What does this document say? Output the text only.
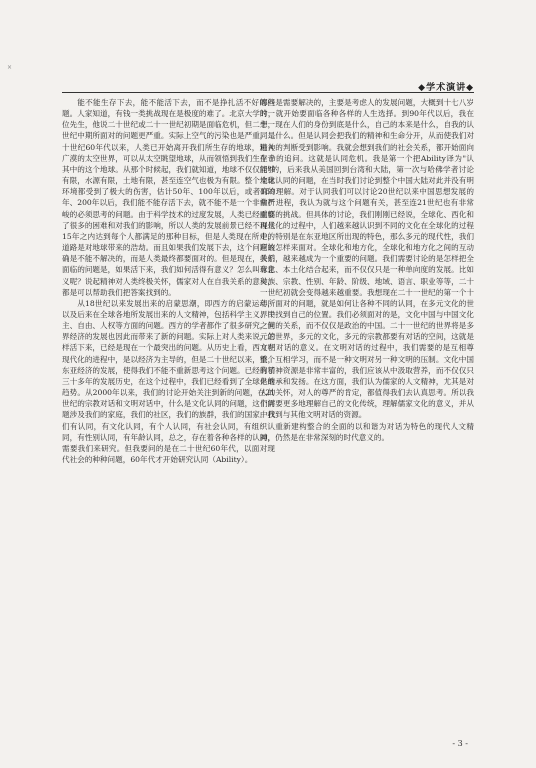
×
◆学术演讲◆

能不能生存下去，能不能活下去，而不是挣扎活不好的问题。人家知道，有钱一类挑战现在是极度的难了。北京大学的一位先生，他说二十世纪或二十一世纪初期是面临危机，但二十一世纪中期所面对的问题更严重。实际上空气的污染也是严重，二十世纪60年代以来，人类已开始离开我们所生存的地球，进入广漠的太空世界，可以从太空眺望地球，从而领悟到我们生存于其中的这个地球。从那个时候起，我们就知道，地球不仅仅能够有限，水源有限，土地有限，甚至连空气也极为有限。整个地球环境都受到了极大的伤害，估计50年、100年以后，或者150年、200年以后，我们能不能存活下去，就不能不是一个非常严峻的必须思考的问题。由于科学技术的过度发展，人类已经面临了很多的困难和对我们的影响，所以人类的发展前景已经不再是15年之内达到每个人都满足的那种目标，但是人类现在所走的道路是对地球带来的浩劫。而且如果我们发展下去，这个问题的确是不能不解决的，而是人类最终都要面对的。但是现在，我们面临的问题是，如果活下来，我们如何活得有意义？怎么叫有意义呢？说起精神对人类终极关怀，儒家对人在自我关系的意义，都是可以帮助我们把答案找到的。

从18世纪以来发展出来的启蒙思潮，即西方的启蒙运动，以及后来在全球各地所发展出来的人文精神，包括科学主义、民主、自由、人权等方面的问题。西方的学者都作了很多研究，世界经济的发展也因此而带来了新的问题。实际上对人类来说，怎样活下来，已经是现在一个最突出的问题。从历史上看，西方在现代化的进程中，是以经济为主导的，但是二十世纪以来，整个东亚经济的发展，使得我们不能不重新思考这个问题。已经有了三十多年的发展历史，在这个过程中，我们已经看到了全球化的趋势。从2000年以来，我们的讨论开始关注到新的问题，在21世纪的宗教对话和文明对话中，什么是文化认同的问题，这个问题涉及我们的家庭，我们的社区，我们的族群，我们的国家。我们有认同，有文化认同，有个人认同，有社会认同，有组织认同，有性别认同，有年龄认同，总之，存在着各种各样的认同，需要我们来研究。但我要问的是在二十世纪60年代，以面对现代社会的种种问题，60年代才开始研究认同（Ability）。

哪些是需要解决的，主要是考虑人的发展问题，大概到十七八岁时，就开始要面临各种各样的人生选择。到90年代以后，我在想，现在人们的身份到底是什么，自己的本来是什么，自我的认同是什么。但是认同会把我们的精神和生命分开，从而使我们对精神的判断受到影响。我就会想到我们的社会关系，都开始面向生命的追问。这就是认同危机。我是第一个把Ability译为"认同"的，后来我从美国回到台湾和大陆，第一次与哈佛学者讨论文化认同的问题，在当时我们讨论到整个中国大陆对此并没有明确的理解。对于认同我们可以讨论20世纪以来中国思想发展的曲折进程，我认为就与这个问题有关，甚至连21世纪也有非常重要的挑战。但具体的讨论，我们刚刚已经说，全球化、西化和现代化的过程中，人们越来越认识到不同的文化在全球化的过程中，特别是在东亚地区所出现的特色，那么多元的现代性，我们应该怎样来面对。全球化和地方化，全球化和地方化之间的互动关系，越来越成为一个重要的问题。我们需要讨论的是怎样把全球化、本土化结合起来，而不仅仅只是一种单向度的发展。比如种族、宗教、性别、年龄、阶级、地域、语言、职业等等，二十一世纪初就会变得越来越重要。我想现在二十一世纪的第一个十年所面对的问题，就是如何让各种不同的认同，在多元文化的世界中找到自己的位置。我们必须面对的是，文化中国与中国文化之间的关系，而不仅仅是政治的中国。二十一世纪的世界将是多元的世界，多元的文化，多元的宗教都要有对话的空间，这就是文明对话的意义。在文明对话的过程中，我们需要的是互相尊重，互相学习，而不是一种文明对另一种文明的压制。文化中国的精神资源是非常丰富的，我们应该从中汲取营养，而不仅仅只是继承和发扬。在这方面，我们认为儒家的人文精神，尤其是对人的关怀，对人的尊严的肯定，都值得我们去认真思考。所以我们需要更多地理解自己的文化传统，理解儒家文化的意义，并从中找到与其他文明对话的资源。

重新建构整合的全面的以和谐为对话为特色的现代人文精神，仍然是在非常深刻的时代意义的。

- 3 -
